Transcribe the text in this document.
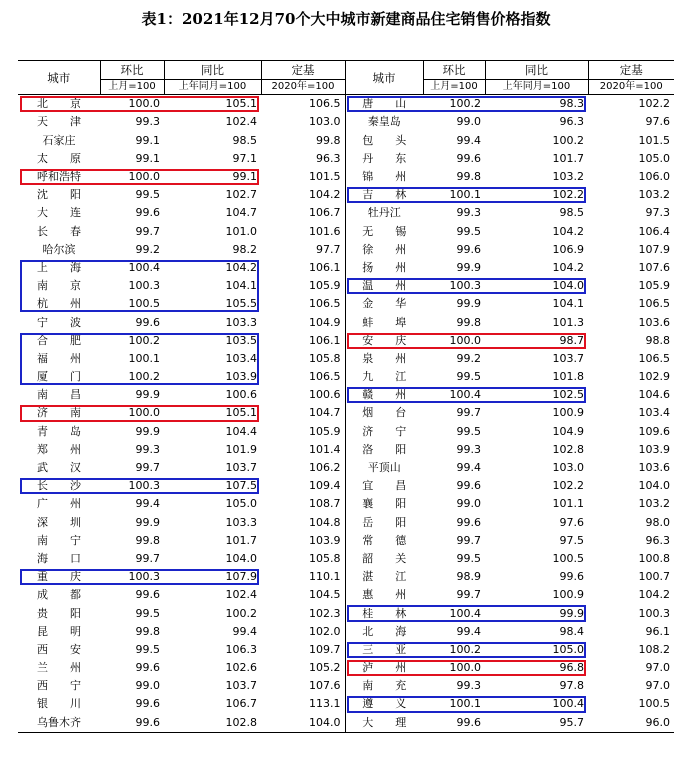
表1：2021年12月70个大中城市新建商品住宅销售价格指数
城市	环比	同比	定基	城市	环比	同比	定基
	上月=100	上年同月=100	2020年=100		上月=100	上年同月=100	2020年=100
北　　京	100.0	105.1	106.5	唐　　山	100.2	98.3	102.2
天　　津	99.3	102.4	103.0	秦皇岛	99.0	96.3	97.6
石家庄	99.1	98.5	99.8	包　　头	99.4	100.2	101.5
太　　原	99.1	97.1	96.3	丹　　东	99.6	101.7	105.0
呼和浩特	100.0	99.1	101.5	锦　　州	99.8	103.2	106.0
沈　　阳	99.5	102.7	104.2	吉　　林	100.1	102.2	103.2
大　　连	99.6	104.7	106.7	牡丹江	99.3	98.5	97.3
长　　春	99.7	101.0	101.6	无　　锡	99.5	104.2	106.4
哈尔滨	99.2	98.2	97.7	徐　　州	99.6	106.9	107.9
上　　海	100.4	104.2	106.1	扬　　州	99.9	104.2	107.6
南　　京	100.3	104.1	105.9	温　　州	100.3	104.0	105.9
杭　　州	100.5	105.5	106.5	金　　华	99.9	104.1	106.5
宁　　波	99.6	103.3	104.9	蚌　　埠	99.8	101.3	103.6
合　　肥	100.2	103.5	106.1	安　　庆	100.0	98.7	98.8
福　　州	100.1	103.4	105.8	泉　　州	99.2	103.7	106.5
厦　　门	100.2	103.9	106.5	九　　江	99.5	101.8	102.9
南　　昌	99.9	100.6	100.6	赣　　州	100.4	102.5	104.6
济　　南	100.0	105.1	104.7	烟　　台	99.7	100.9	103.4
青　　岛	99.9	104.4	105.9	济　　宁	99.5	104.9	109.6
郑　　州	99.3	101.9	101.4	洛　　阳	99.3	102.8	103.9
武　　汉	99.7	103.7	106.2	平顶山	99.4	103.0	103.6
长　　沙	100.3	107.5	109.4	宜　　昌	99.6	102.2	104.0
广　　州	99.4	105.0	108.7	襄　　阳	99.0	101.1	103.2
深　　圳	99.9	103.3	104.8	岳　　阳	99.6	97.6	98.0
南　　宁	99.8	101.7	103.9	常　　德	99.7	97.5	96.3
海　　口	99.7	104.0	105.8	韶　　关	99.5	100.5	100.8
重　　庆	100.3	107.9	110.1	湛　　江	98.9	99.6	100.7
成　　都	99.6	102.4	104.5	惠　　州	99.7	100.9	104.2
贵　　阳	99.5	100.2	102.3	桂　　林	100.4	99.9	100.3
昆　　明	99.8	99.4	102.0	北　　海	99.4	98.4	96.1
西　　安	99.5	106.3	109.7	三　　亚	100.2	105.0	108.2
兰　　州	99.6	102.6	105.2	泸　　州	100.0	96.8	97.0
西　　宁	99.0	103.7	107.6	南　　充	99.3	97.8	97.0
银　　川	99.6	106.7	113.1	遵　　义	100.1	100.4	100.5
乌鲁木齐	99.6	102.8	104.0	大　　理	99.6	95.7	96.0
